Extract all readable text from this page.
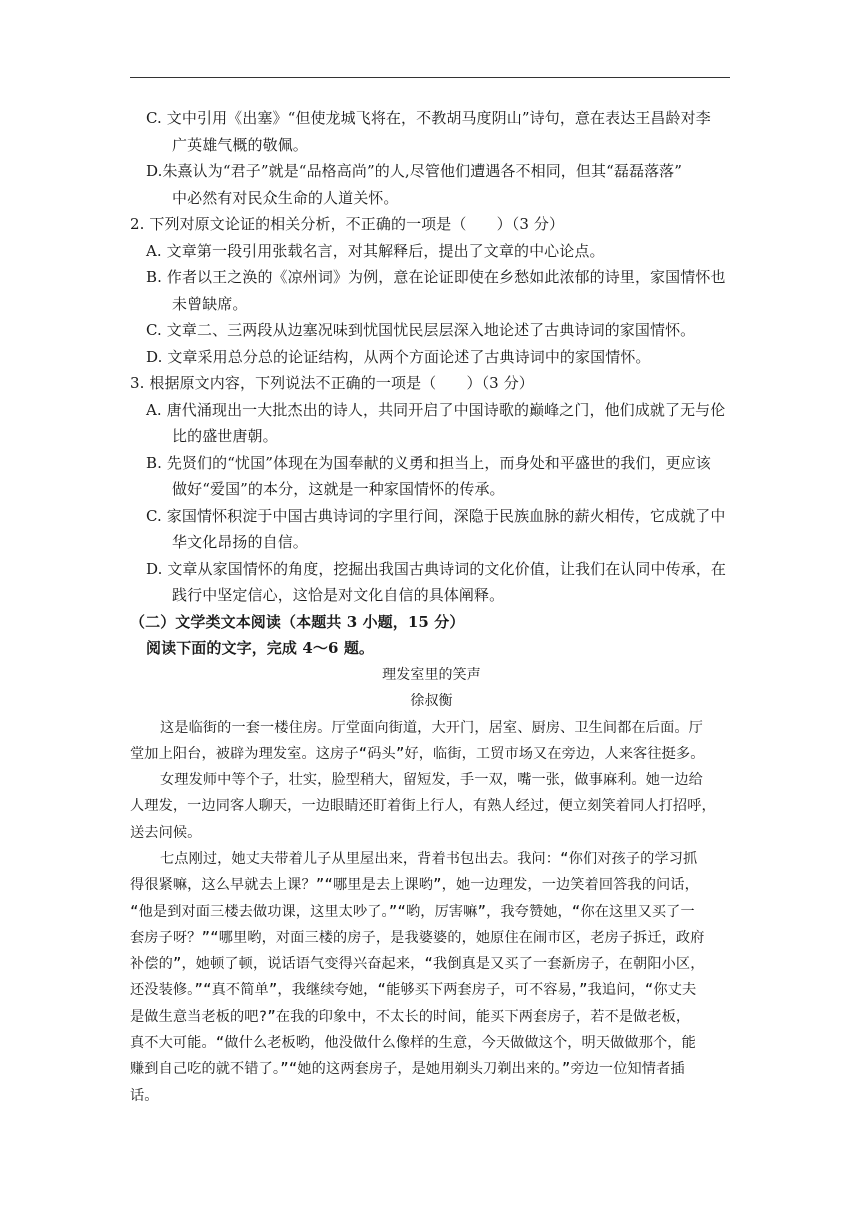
C. 文中引用《出塞》“但使龙城飞将在，不教胡马度阴山”诗句，意在表达王昌龄对李
广英雄气概的敬佩。
D.朱熹认为“君子”就是“品格高尚”的人,尽管他们遭遇各不相同，但其“磊磊落落”
中必然有对民众生命的人道关怀。
2. 下列对原文论证的相关分析，不正确的一项是（　　）（3 分）
A. 文章第一段引用张载名言，对其解释后，提出了文章的中心论点。
B. 作者以王之涣的《凉州词》为例，意在论证即使在乡愁如此浓郁的诗里，家国情怀也
未曾缺席。
C. 文章二、三两段从边塞况味到忧国忧民层层深入地论述了古典诗词的家国情怀。
D. 文章采用总分总的论证结构，从两个方面论述了古典诗词中的家国情怀。
3. 根据原文内容，下列说法不正确的一项是（　　）（3 分）
A. 唐代涌现出一大批杰出的诗人，共同开启了中国诗歌的巅峰之门，他们成就了无与伦
比的盛世唐朝。
B. 先贤们的“忧国”体现在为国奉献的义勇和担当上，而身处和平盛世的我们，更应该
做好“爱国”的本分，这就是一种家国情怀的传承。
C. 家国情怀积淀于中国古典诗词的字里行间，深隐于民族血脉的薪火相传，它成就了中
华文化昂扬的自信。
D. 文章从家国情怀的角度，挖掘出我国古典诗词的文化价值，让我们在认同中传承，在
践行中坚定信心，这恰是对文化自信的具体阐释。
（二）文学类文本阅读（本题共 3 小题，15 分）
阅读下面的文字，完成 4～6 题。
理发室里的笑声
徐叔衡
这是临街的一套一楼住房。厅堂面向街道，大开门，居室、厨房、卫生间都在后面。厅
堂加上阳台，被辟为理发室。这房子“码头”好，临街，工贸市场又在旁边，人来客往挺多。
女理发师中等个子，壮实，脸型稍大，留短发，手一双，嘴一张，做事麻利。她一边给
人理发，一边同客人聊天，一边眼睛还盯着街上行人，有熟人经过，便立刻笑着同人打招呼，
送去问候。
七点刚过，她丈夫带着儿子从里屋出来，背着书包出去。我问：“你们对孩子的学习抓
得很紧嘛，这么早就去上课？”“哪里是去上课哟”，她一边理发，一边笑着回答我的问话，
“他是到对面三楼去做功课，这里太吵了。”“哟，厉害嘛”，我夸赞她，“你在这里又买了一
套房子呀？”“哪里哟，对面三楼的房子，是我婆婆的，她原住在闹市区，老房子拆迁，政府
补偿的”，她顿了顿，说话语气变得兴奋起来，“我倒真是又买了一套新房子，在朝阳小区，
还没装修。”“真不简单”，我继续夸她，“能够买下两套房子，可不容易，”我追问，“你丈夫
是做生意当老板的吧?”在我的印象中，不太长的时间，能买下两套房子，若不是做老板，
真不大可能。“做什么老板哟，他没做什么像样的生意，今天做做这个，明天做做那个，能
赚到自己吃的就不错了。”“她的这两套房子，是她用剃头刀剃出来的。”旁边一位知情者插
话。
